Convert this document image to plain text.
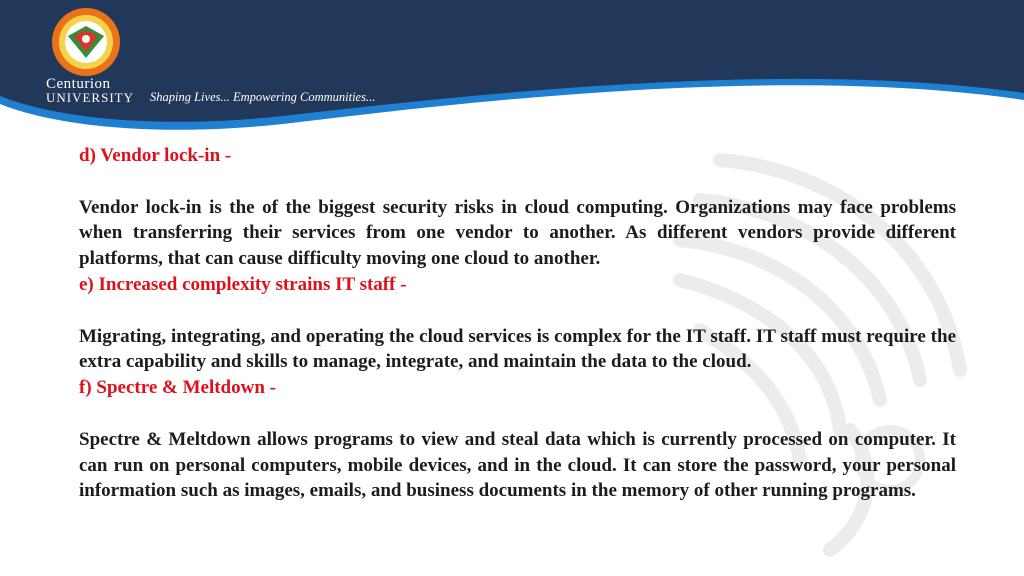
Centurion
UNIVERSITY Shaping Lives... Empowering Communities...

d) Vendor lock-in -

Vendor lock-in is the of the biggest security risks in cloud computing. Organizations may face problems when transferring their services from one vendor to another. As different vendors provide different platforms, that can cause difficulty moving one cloud to another.

e) Increased complexity strains IT staff -

Migrating, integrating, and operating the cloud services is complex for the IT staff. IT staff must require the extra capability and skills to manage, integrate, and maintain the data to the cloud.

f) Spectre & Meltdown -

Spectre & Meltdown allows programs to view and steal data which is currently processed on computer. It can run on personal computers, mobile devices, and in the cloud. It can store the password, your personal information such as images, emails, and business documents in the memory of other running programs.
